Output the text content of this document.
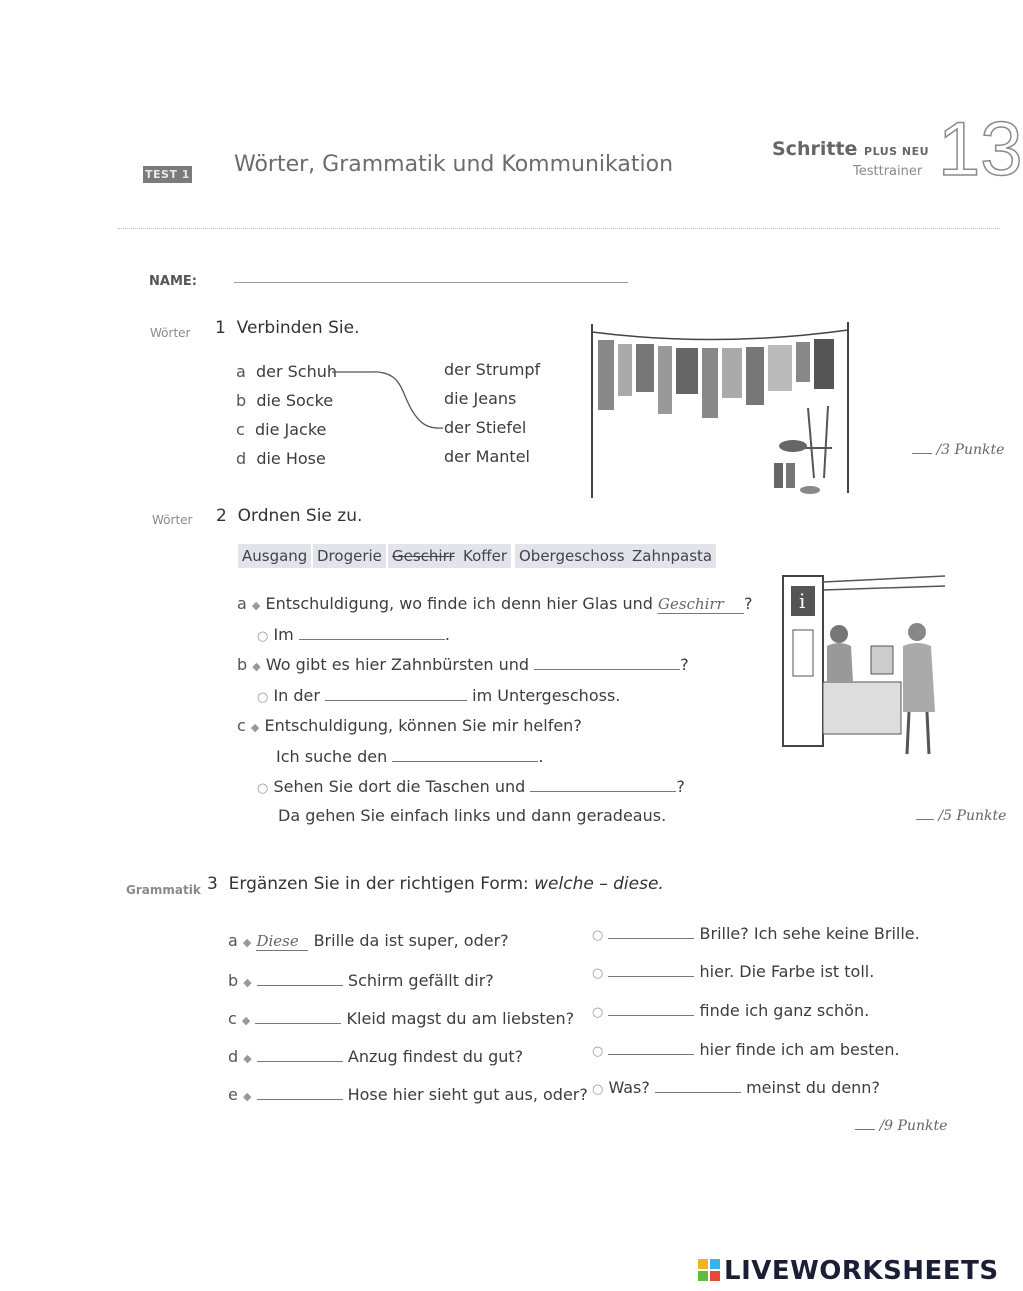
TEST 1 Wörter, Grammatik und Kommunikation
Schritte PLUS NEU
Testtrainer 13
NAME:
Wörter 1 Verbinden Sie.
a der Schuh
b die Socke
c die Jacke
d die Hose
der Strumpf
die Jeans
der Stiefel
der Mantel	/3 Punkte
Wörter 2 Ordnen Sie zu.
Ausgang Drogerie Geschirr Koffer Obergeschoss Zahnpasta
a ◆ Entschuldigung, wo finde ich denn hier Glas und Geschirr ?
○ Im	.
b ◆ Wo gibt es hier Zahnbürsten und	?
○ In der	im Untergeschoss.
c ◆ Entschuldigung, können Sie mir helfen?
Ich suche den	.
○ Sehen Sie dort die Taschen und	?
Da gehen Sie einfach links und dann geradeaus.
i
/5 Punkte
Grammatik 3 Ergänzen Sie in der richtigen Form: welche – diese.
a ◆ Diese Brille da ist super, oder?	○	Brille? Ich sehe keine Brille.
b ◆	Schirm gefällt dir?	○	hier. Die Farbe ist toll.
c ◆	Kleid magst du am liebsten? ○	finde ich ganz schön.
d ◆	Anzug findest du gut?	○	hier finde ich am besten.
e ◆	Hose hier sieht gut aus, oder? ○ Was?	meinst du denn?
/9 Punkte
LIVEWORKSHEETS
